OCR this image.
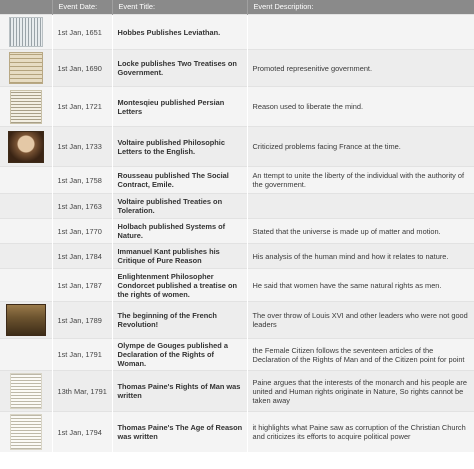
	Event Date:	Event Title:	Event Description:

	1st Jan, 1651	Hobbes Publishes Leviathan.	

	1st Jan, 1690	Locke publishes Two Treatises on Government.	Promoted represenitive government.

	1st Jan, 1721	Montesqieu published Persian Letters	Reason used to liberate the mind.

	1st Jan, 1733	Voltaire published Philosophic Letters to the English.	Criticized problems facing France at the time.
	1st Jan, 1758	Rousseau published The Social Contract, Emile.	An ttempt to unite the liberty of the individual with the authority of the government.
	1st Jan, 1763	Voltaire published Treaties on Toleration.	
	1st Jan, 1770	Holbach published Systems of Nature.	Stated that the universe is made up of matter and motion.
	1st Jan, 1784	Immanuel Kant publishes his Critique of Pure Reason	His analysis of the human mind and how it relates to nature.
	1st Jan, 1787	Enlightenment Philosopher Condorcet published a treatise on the rights of women.	He said that women have the same natural rights as men.

	1st Jan, 1789	The beginning of the French Revolution!	The over throw of Louis XVI and other leaders who were not good leaders
	1st Jan, 1791	Olympe de Gouges published a Declaration of the Rights of Woman.	the Female Citizen follows the seventeen articles of the Declaration of the Rights of Man and of the Citizen point for point

	13th Mar, 1791	Thomas Paine's Rights of Man was written	Paine argues that the interests of the monarch and his people are united and Human rights originate in Nature, So rights cannot be taken away

	1st Jan, 1794	Thomas Paine's The Age of Reason was written	it highlights what Paine saw as corruption of the Christian Church and criticizes its efforts to acquire political power
